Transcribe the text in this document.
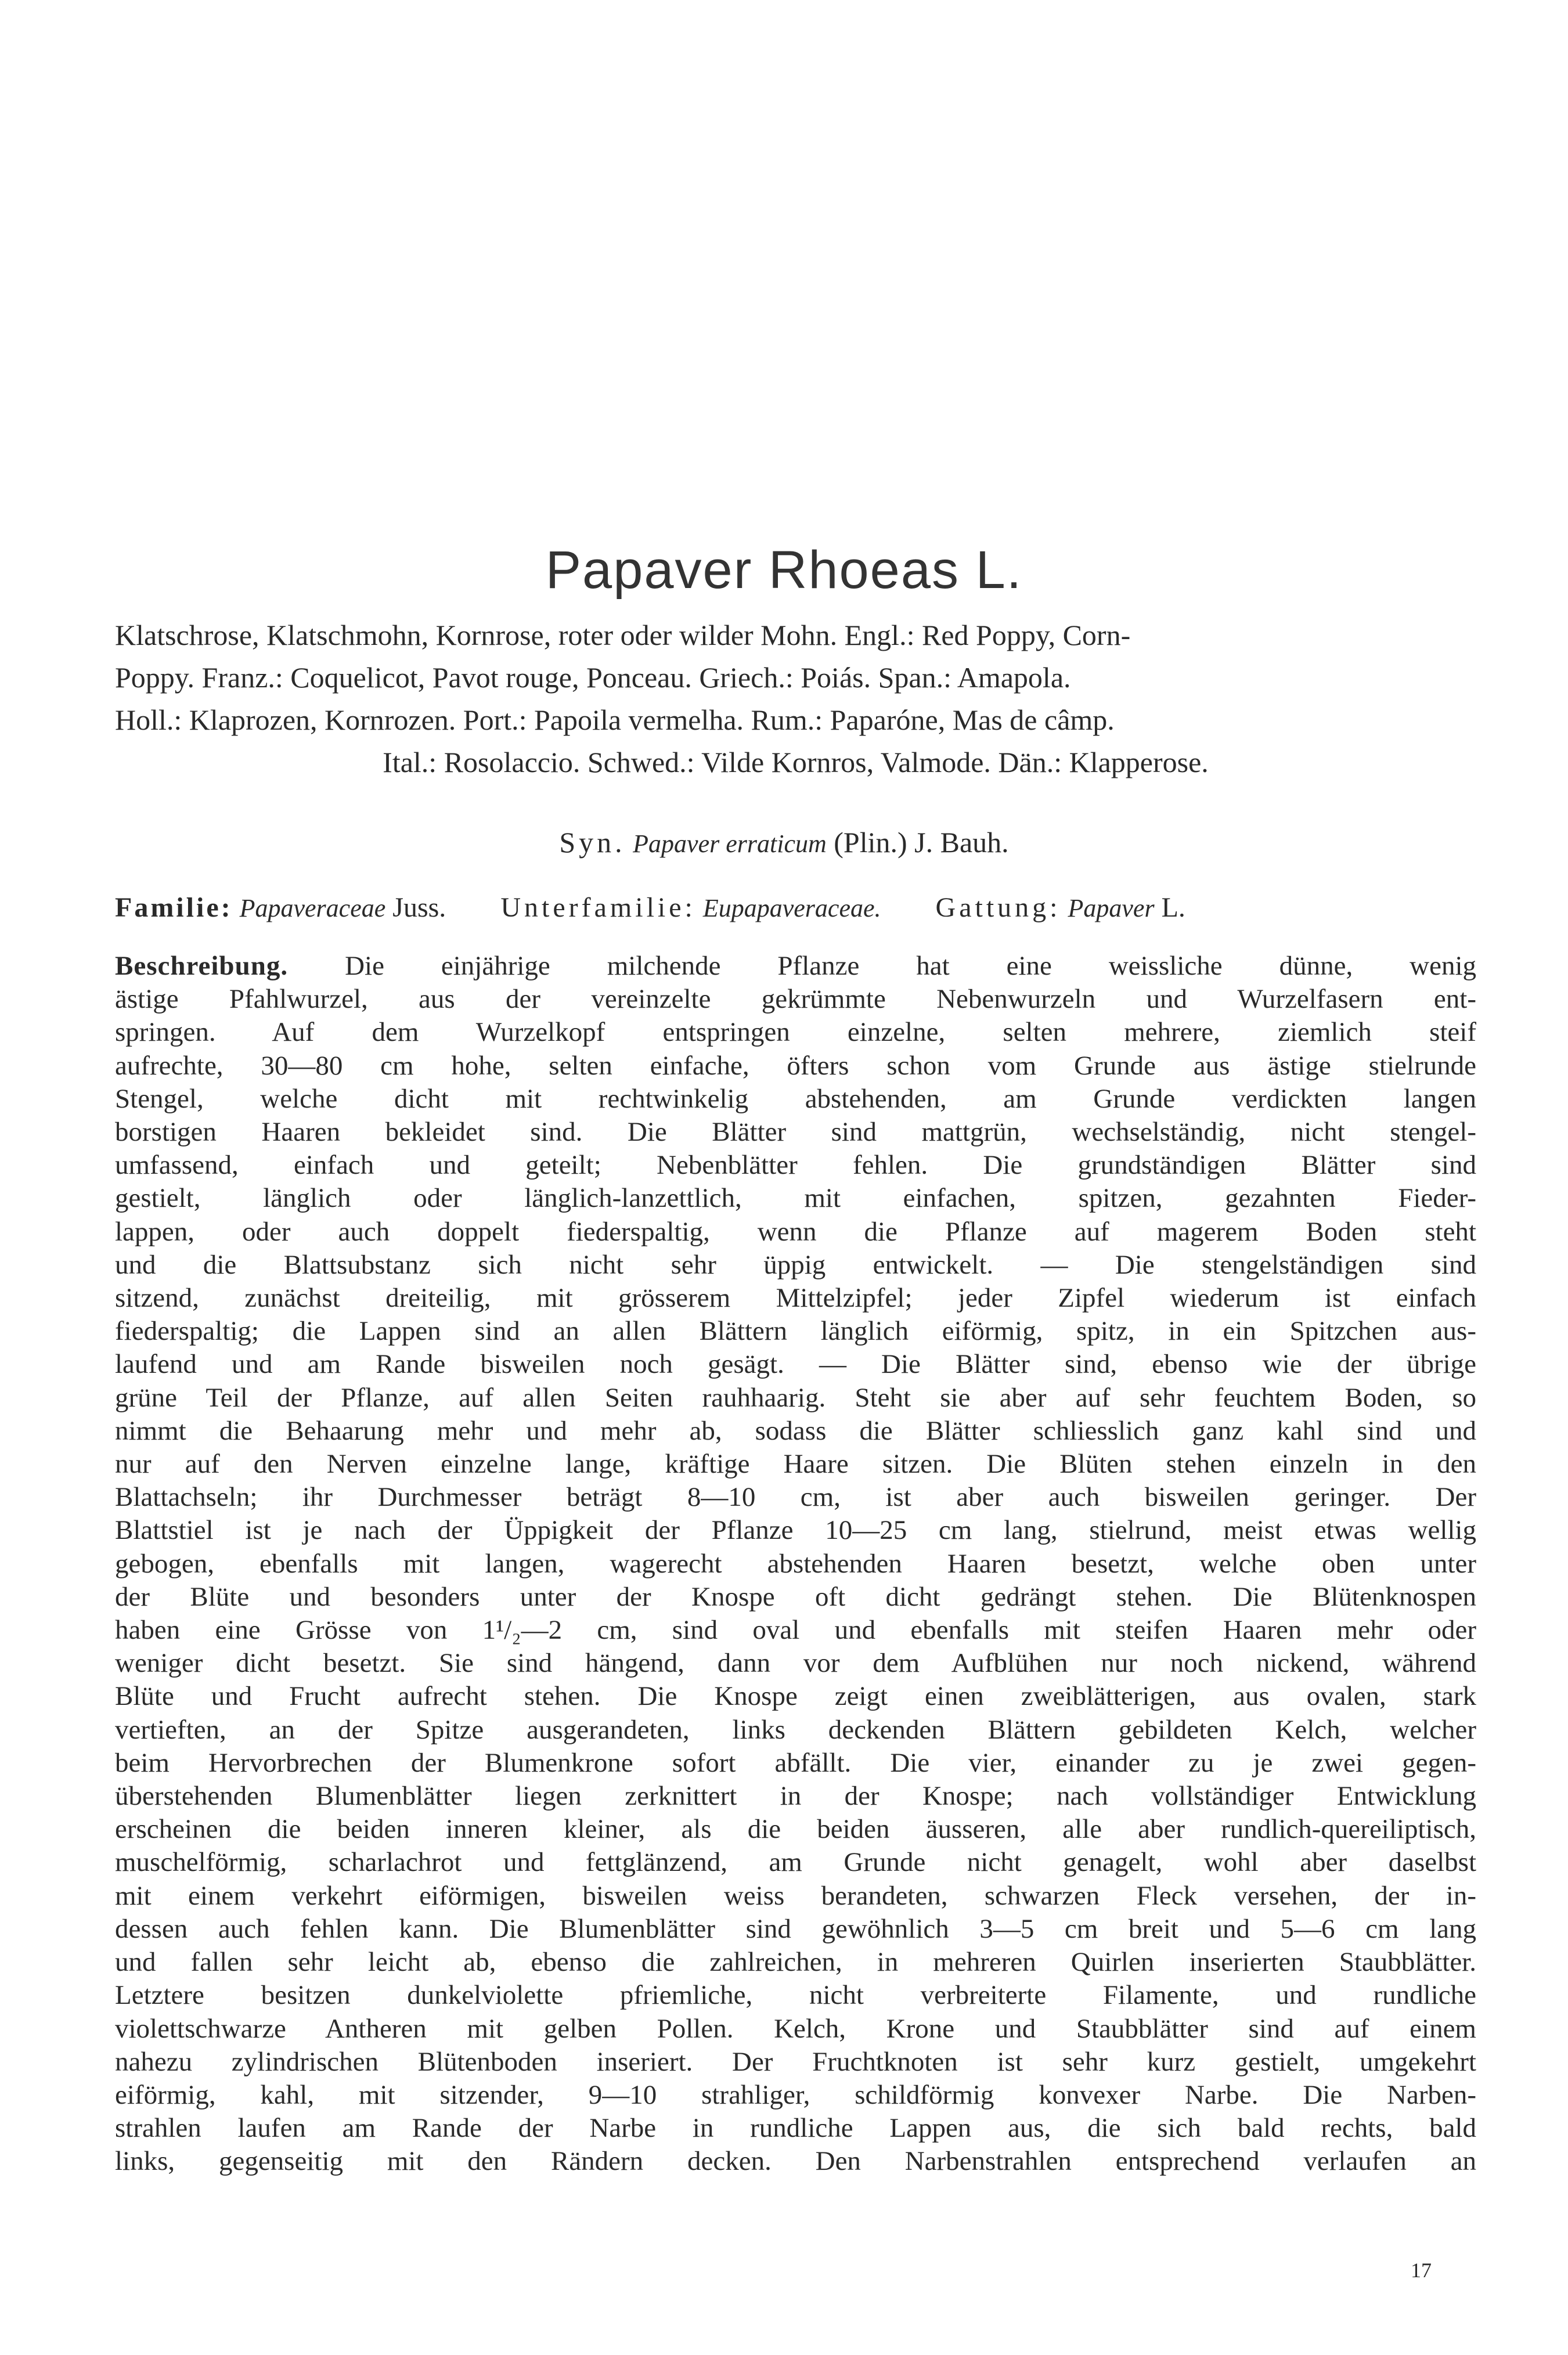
Papaver Rhoeas L.
Klatschrose, Klatschmohn, Kornrose, roter oder wilder Mohn. Engl.: Red Poppy, Corn-
Poppy. Franz.: Coquelicot, Pavot rouge, Ponceau. Griech.: Poiás. Span.: Amapola.
Holl.: Klaprozen, Kornrozen. Port.: Papoila vermelha. Rum.: Paparóne, Mas de câmp.
Ital.: Rosolaccio. Schwed.: Vilde Kornros, Valmode. Dän.: Klapperose.

Syn. Papaver erraticum (Plin.) J. Bauh.

Familie: Papaveraceae Juss. Unterfamilie: Eupapaveraceae. Gattung: Papaver L.

Beschreibung. Die einjährige milchende Pflanze hat eine weissliche dünne, wenig
ästige Pfahlwurzel, aus der vereinzelte gekrümmte Nebenwurzeln und Wurzelfasern ent-
springen. Auf dem Wurzelkopf entspringen einzelne, selten mehrere, ziemlich steif
aufrechte, 30—80 cm hohe, selten einfache, öfters schon vom Grunde aus ästige stielrunde
Stengel, welche dicht mit rechtwinkelig abstehenden, am Grunde verdickten langen
borstigen Haaren bekleidet sind. Die Blätter sind mattgrün, wechselständig, nicht stengel-
umfassend, einfach und geteilt; Nebenblätter fehlen. Die grundständigen Blätter sind
gestielt, länglich oder länglich-lanzettlich, mit einfachen, spitzen, gezahnten Fieder-
lappen, oder auch doppelt fiederspaltig, wenn die Pflanze auf magerem Boden steht
und die Blattsubstanz sich nicht sehr üppig entwickelt. — Die stengelständigen sind
sitzend, zunächst dreiteilig, mit grösserem Mittelzipfel; jeder Zipfel wiederum ist einfach
fiederspaltig; die Lappen sind an allen Blättern länglich eiförmig, spitz, in ein Spitzchen aus-
laufend und am Rande bisweilen noch gesägt. — Die Blätter sind, ebenso wie der übrige
grüne Teil der Pflanze, auf allen Seiten rauhhaarig. Steht sie aber auf sehr feuchtem Boden, so
nimmt die Behaarung mehr und mehr ab, sodass die Blätter schliesslich ganz kahl sind und
nur auf den Nerven einzelne lange, kräftige Haare sitzen. Die Blüten stehen einzeln in den
Blattachseln; ihr Durchmesser beträgt 8—10 cm, ist aber auch bisweilen geringer. Der
Blattstiel ist je nach der Üppigkeit der Pflanze 10—25 cm lang, stielrund, meist etwas wellig
gebogen, ebenfalls mit langen, wagerecht abstehenden Haaren besetzt, welche oben unter
der Blüte und besonders unter der Knospe oft dicht gedrängt stehen. Die Blütenknospen
haben eine Grösse von 1¹/₂—2 cm, sind oval und ebenfalls mit steifen Haaren mehr oder
weniger dicht besetzt. Sie sind hängend, dann vor dem Aufblühen nur noch nickend, während
Blüte und Frucht aufrecht stehen. Die Knospe zeigt einen zweiblätterigen, aus ovalen, stark
vertieften, an der Spitze ausgerandeten, links deckenden Blättern gebildeten Kelch, welcher
beim Hervorbrechen der Blumenkrone sofort abfällt. Die vier, einander zu je zwei gegen-
überstehenden Blumenblätter liegen zerknittert in der Knospe; nach vollständiger Entwicklung
erscheinen die beiden inneren kleiner, als die beiden äusseren, alle aber rundlich-quereiliptisch,
muschelförmig, scharlachrot und fettglänzend, am Grunde nicht genagelt, wohl aber daselbst
mit einem verkehrt eiförmigen, bisweilen weiss berandeten, schwarzen Fleck versehen, der in-
dessen auch fehlen kann. Die Blumenblätter sind gewöhnlich 3—5 cm breit und 5—6 cm lang
und fallen sehr leicht ab, ebenso die zahlreichen, in mehreren Quirlen inserierten Staubblätter.
Letztere besitzen dunkelviolette pfriemliche, nicht verbreiterte Filamente, und rundliche
violettschwarze Antheren mit gelben Pollen. Kelch, Krone und Staubblätter sind auf einem
nahezu zylindrischen Blütenboden inseriert. Der Fruchtknoten ist sehr kurz gestielt, umgekehrt
eiförmig, kahl, mit sitzender, 9—10 strahliger, schildförmig konvexer Narbe. Die Narben-
strahlen laufen am Rande der Narbe in rundliche Lappen aus, die sich bald rechts, bald
links, gegenseitig mit den Rändern decken. Den Narbenstrahlen entsprechend verlaufen an

17
